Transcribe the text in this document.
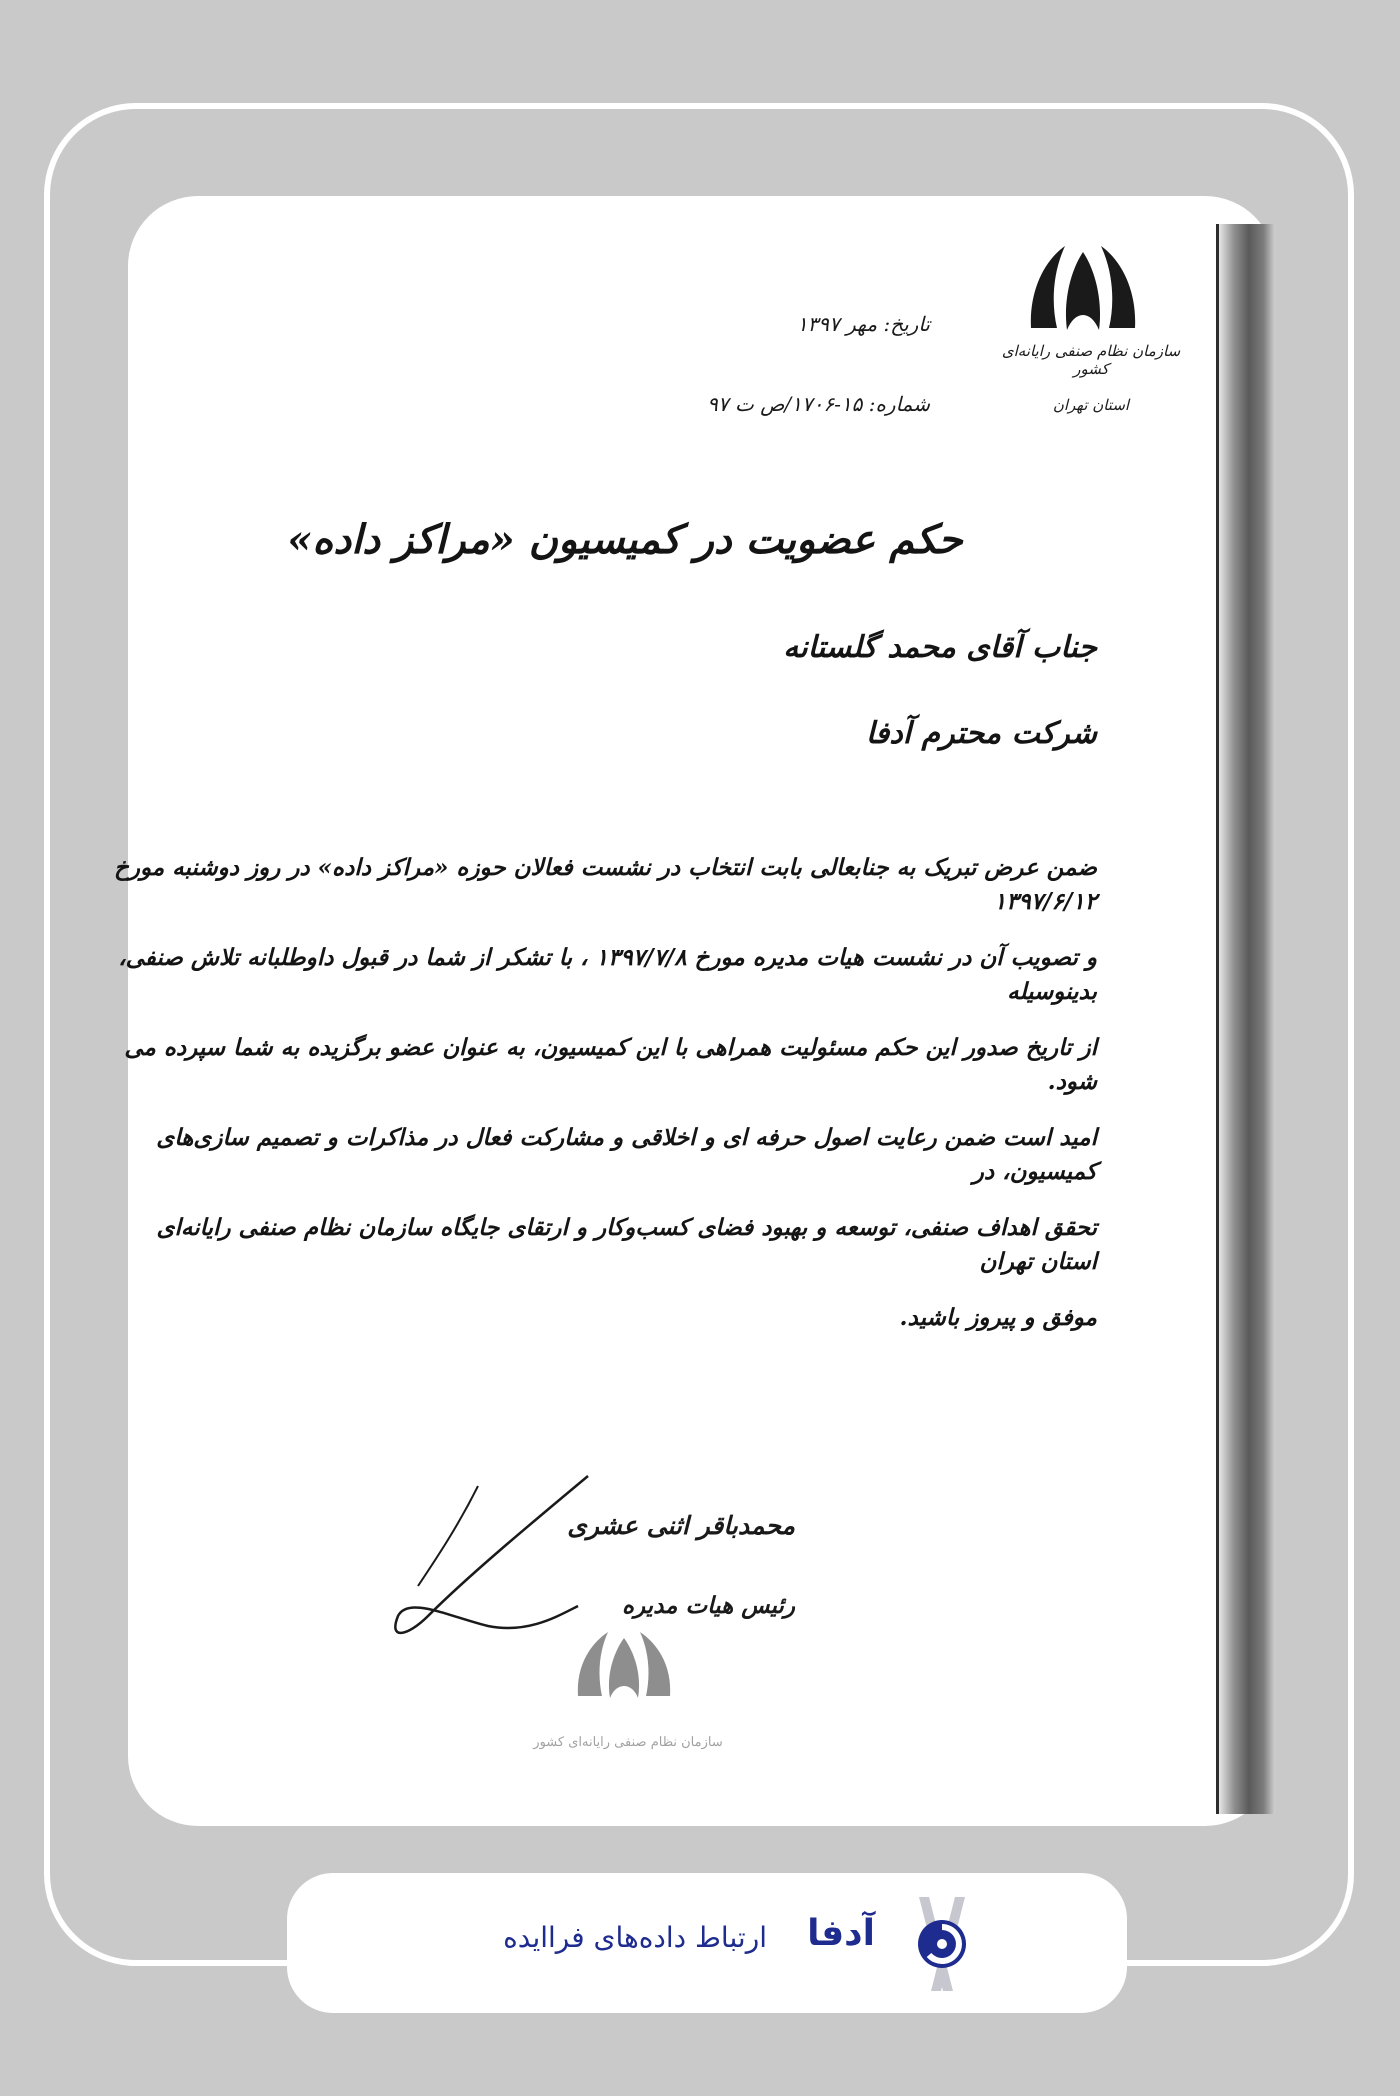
سازمان نظام صنفی رایانه‌ای کشور
استان تهران
تاریخ: مهر ۱۳۹۷
شماره: ۱۵-۱۷۰۶/ص ت ۹۷
حکم عضویت در کمیسیون «مراکز داده»
جناب آقای محمد گلستانه
شرکت محترم آدفا
ضمن عرض تبریک به جنابعالی بابت انتخاب در نشست فعالان حوزه «مراکز داده» در روز دوشنبه مورخ ۱۳۹۷/۶/۱۲
و تصویب آن در نشست هیات مدیره مورخ ۱۳۹۷/۷/۸ ، با تشکر از شما در قبول داوطلبانه تلاش صنفی، بدینوسیله
از تاریخ صدور این حکم مسئولیت همراهی با این کمیسیون، به عنوان عضو برگزیده به شما سپرده می شود.
امید است ضمن رعایت اصول حرفه ای و اخلاقی و مشارکت فعال در مذاکرات و تصمیم سازی‌های کمیسیون، در
تحقق اهداف صنفی، توسعه و بهبود فضای کسب‌وکار و ارتقای جایگاه سازمان نظام صنفی رایانه‌ای استان تهران
موفق و پیروز باشید.
محمدباقر اثنی عشری
رئیس هیات مدیره
سازمان نظام صنفی رایانه‌ای کشور
آدفا
ارتباط داده‌های فراایده
